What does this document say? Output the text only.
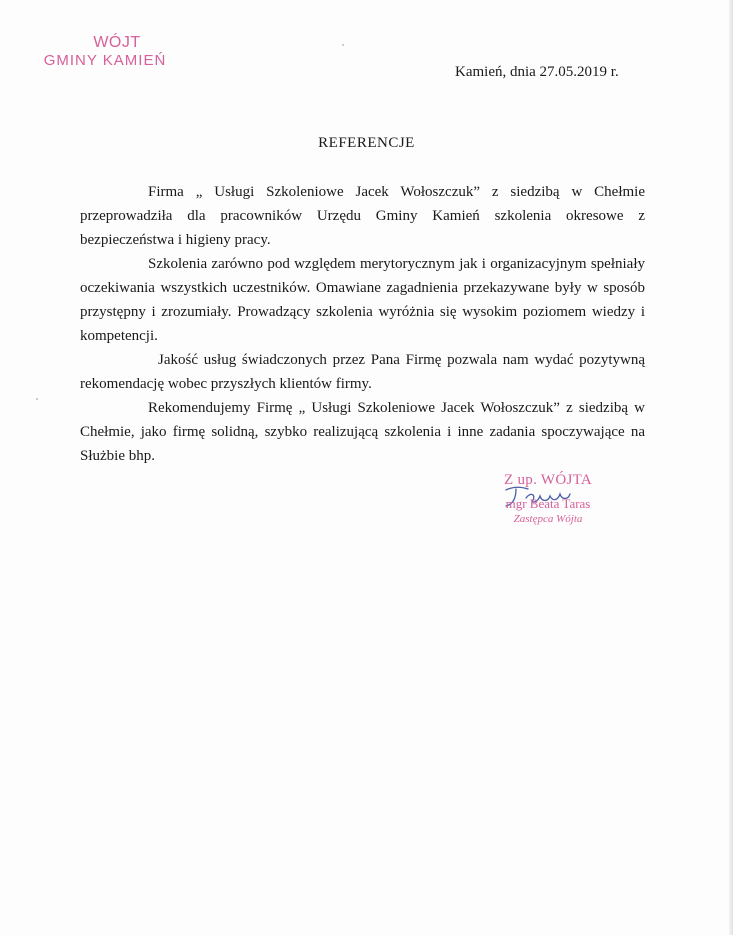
WÓJT
GMINY KAMIEŃ
Kamień, dnia 27.05.2019 r.
REFERENCJE

Firma „ Usługi Szkoleniowe Jacek Wołoszczuk” z siedzibą w Chełmie przeprowadziła dla pracowników Urzędu Gminy Kamień szkolenia okresowe z bezpieczeństwa i higieny pracy.

Szkolenia zarówno pod względem merytorycznym jak i organizacyjnym spełniały oczekiwania wszystkich uczestników. Omawiane zagadnienia przekazywane były w sposób przystępny i zrozumiały. Prowadzący szkolenia wyróżnia się wysokim poziomem wiedzy i kompetencji.

Jakość usług świadczonych przez Pana Firmę pozwala nam wydać pozytywną rekomendację wobec przyszłych klientów firmy.

Rekomendujemy Firmę „ Usługi Szkoleniowe Jacek Wołoszczuk” z siedzibą w Chełmie, jako firmę solidną, szybko realizującą szkolenia i inne zadania spoczywające na Służbie bhp.

Z up. WÓJTA
mgr Beata Taras
Zastępca Wójta
